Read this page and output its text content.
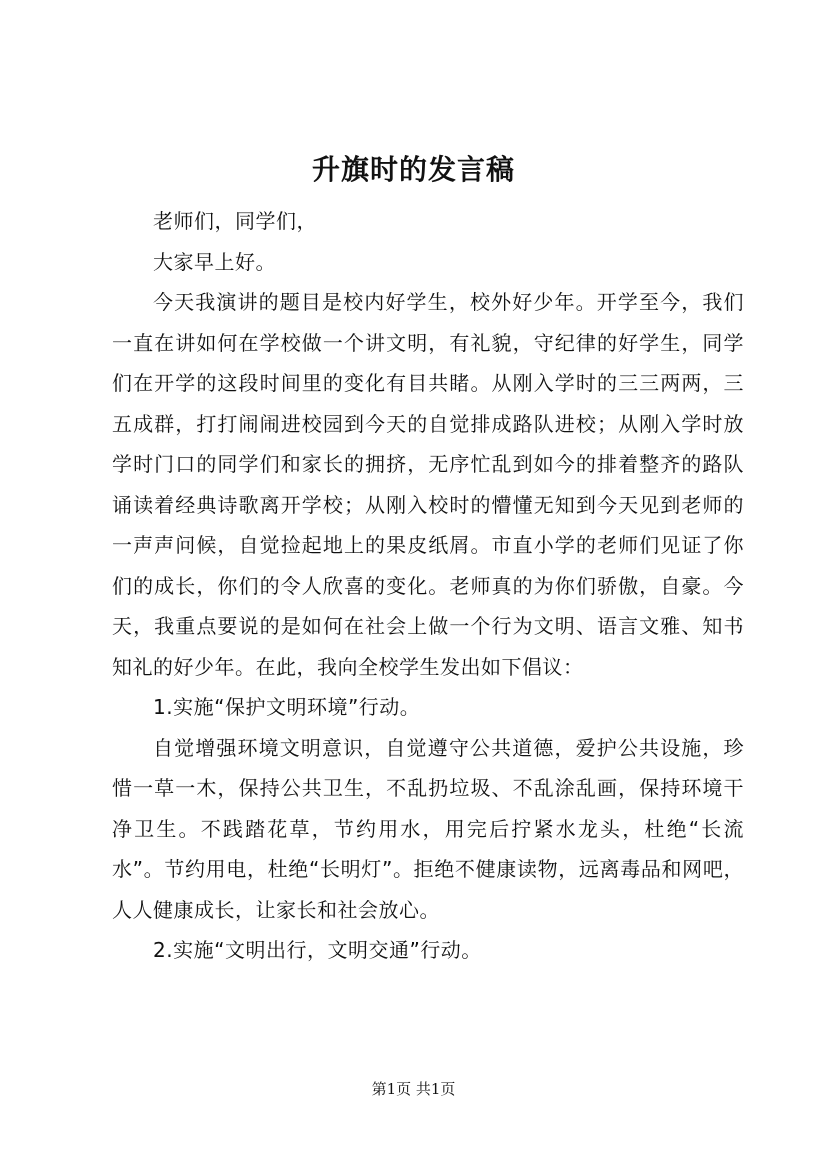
升旗时的发言稿

老师们，同学们，

大家早上好。

今天我演讲的题目是校内好学生，校外好少年。开学至今，我们一直在讲如何在学校做一个讲文明，有礼貌，守纪律的好学生，同学们在开学的这段时间里的变化有目共睹。从刚入学时的三三两两，三五成群，打打闹闹进校园到今天的自觉排成路队进校；从刚入学时放学时门口的同学们和家长的拥挤，无序忙乱到如今的排着整齐的路队诵读着经典诗歌离开学校；从刚入校时的懵懂无知到今天见到老师的一声声问候，自觉捡起地上的果皮纸屑。市直小学的老师们见证了你们的成长，你们的令人欣喜的变化。老师真的为你们骄傲，自豪。今天，我重点要说的是如何在社会上做一个行为文明、语言文雅、知书知礼的好少年。在此，我向全校学生发出如下倡议：

1.实施“保护文明环境”行动。

自觉增强环境文明意识，自觉遵守公共道德，爱护公共设施，珍惜一草一木，保持公共卫生，不乱扔垃圾、不乱涂乱画，保持环境干净卫生。不践踏花草，节约用水，用完后拧紧水龙头，杜绝“长流水”。节约用电，杜绝“长明灯”。拒绝不健康读物，远离毒品和网吧，人人健康成长，让家长和社会放心。

2.实施“文明出行，文明交通”行动。

第1页 共1页
